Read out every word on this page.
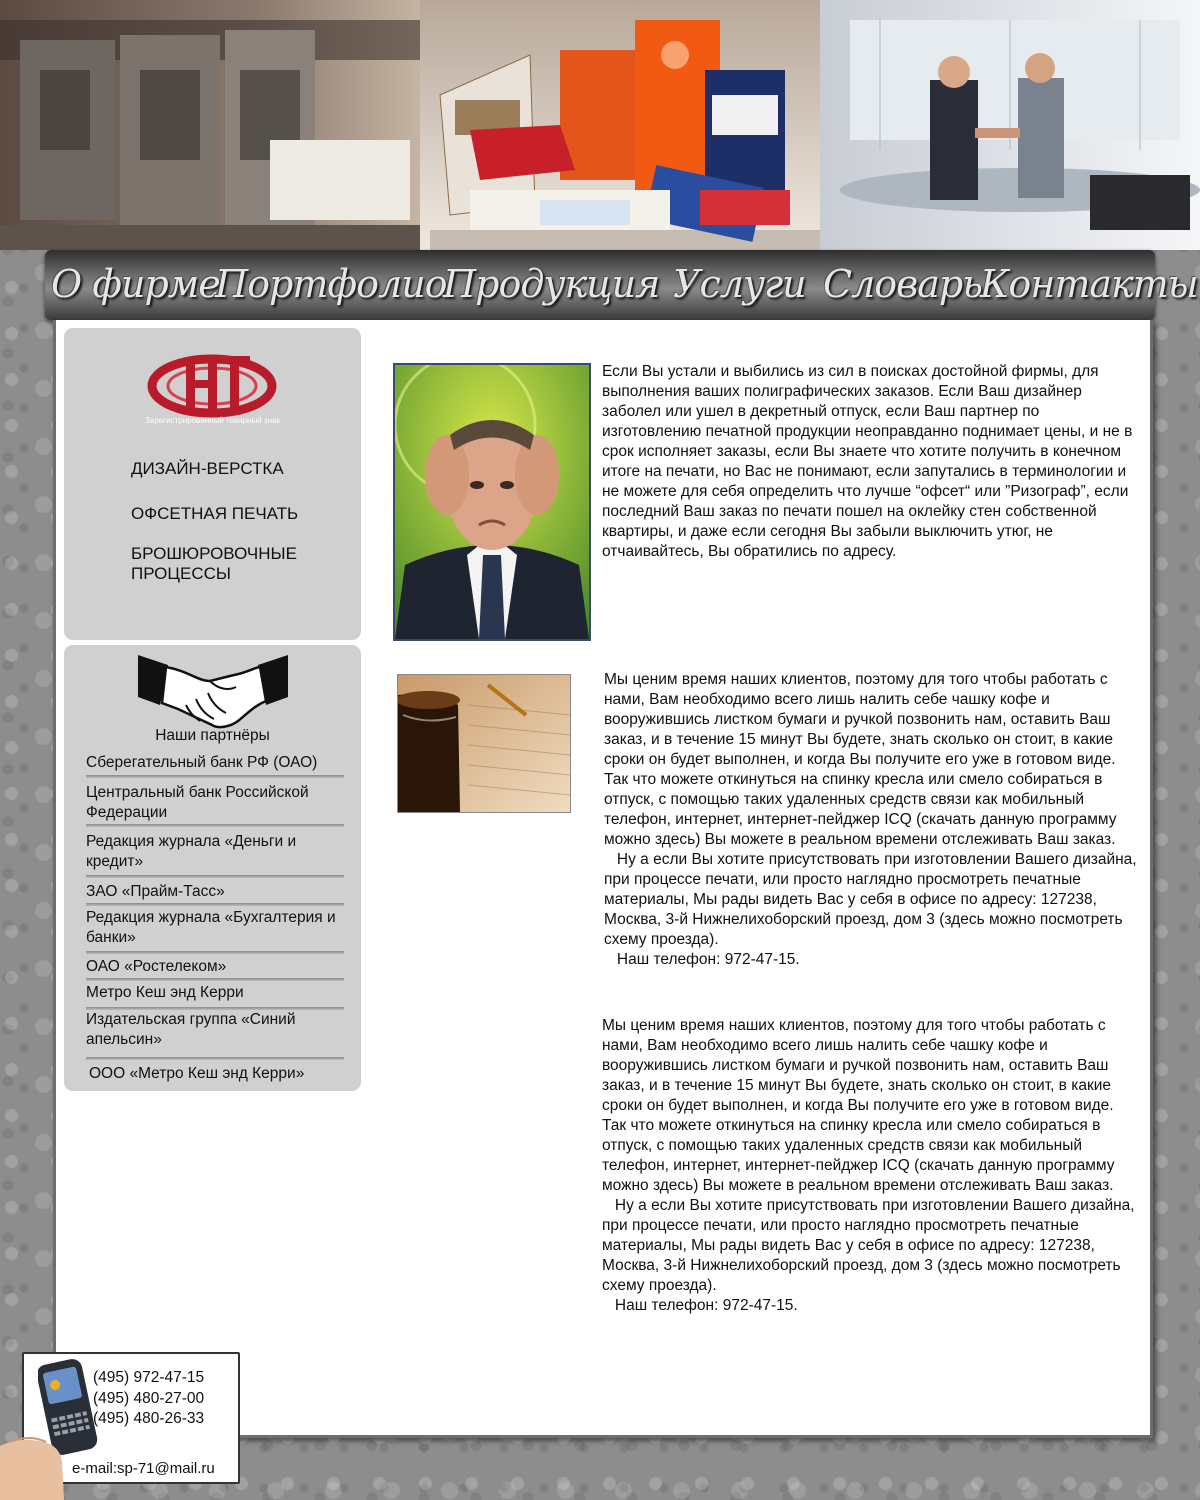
О фирме
Портфолио
Продукция Услуги Словарь
Контакты
Зарегистрированный товарный знак
ДИЗАЙН-ВЕРСТКА
ОФСЕТНАЯ ПЕЧАТЬ
БРОШЮРОВОЧНЫЕ
ПРОЦЕССЫ
Наши партнёры
Сберегательный банк РФ (ОАО)
Центральный банк Российской Федерации
Редакция журнала «Деньги и кредит»
ЗАО «Прайм-Тасс»
Редакция журнала «Бухгалтерия и банки»
ОАО «Ростелеком»
Метро Кеш энд Керри
Издательская группа «Синий апельсин»
ООО «Метро Кеш энд Керри»

Если Вы устали и выбились из сил в поисках достойной фирмы, для выполнения ваших полиграфических заказов. Если Ваш дизайнер заболел или ушел в декретный отпуск, если Ваш партнер по изготовлению печатной продукции неоправданно поднимает цены, и не в срок исполняет заказы, если Вы знаете что хотите получить в конечном итоге на печати, но Вас не понимают, если запутались в терминологии и не можете для себя определить что лучше “офсет“ или ”Ризограф”, если последний Ваш заказ по печати пошел на оклейку стен собственной квартиры, и даже если сегодня Вы забыли выключить утюг, не отчаивайтесь, Вы обратились по адресу.

Мы ценим время наших клиентов, поэтому для того чтобы работать с нами, Вам необходимо всего лишь налить себе чашку кофе и вооружившись листком бумаги и ручкой позвонить нам, оставить Ваш заказ, и в течение 15 минут Вы будете, знать сколько он стоит, в какие сроки он будет выполнен, и когда Вы получите его уже в готовом виде. Так что можете откинуться на спинку кресла или смело собираться в отпуск, с помощью таких удаленных средств связи как мобильный телефон, интернет, интернет-пейджер ICQ (скачать данную программу можно здесь) Вы можете в реальном времени отслеживать Ваш заказ.
Ну а если Вы хотите присутствовать при изготовлении Вашего дизайна, при процессе печати, или просто наглядно просмотреть печатные материалы, Мы рады видеть Вас у себя в офисе по адресу: 127238, Москва, 3-й Нижнелихоборский проезд, дом 3 (здесь можно посмотреть схему проезда).
Наш телефон: 972-47-15.

Мы ценим время наших клиентов, поэтому для того чтобы работать с нами, Вам необходимо всего лишь налить себе чашку кофе и вооружившись листком бумаги и ручкой позвонить нам, оставить Ваш заказ, и в течение 15 минут Вы будете, знать сколько он стоит, в какие сроки он будет выполнен, и когда Вы получите его уже в готовом виде. Так что можете откинуться на спинку кресла или смело собираться в отпуск, с помощью таких удаленных средств связи как мобильный телефон, интернет, интернет-пейджер ICQ (скачать данную программу можно здесь) Вы можете в реальном времени отслеживать Ваш заказ.
Ну а если Вы хотите присутствовать при изготовлении Вашего дизайна, при процессе печати, или просто наглядно просмотреть печатные материалы, Мы рады видеть Вас у себя в офисе по адресу: 127238, Москва, 3-й Нижнелихоборский проезд, дом 3 (здесь можно посмотреть схему проезда).
Наш телефон: 972-47-15.

(495) 972-47-15
(495) 480-27-00
(495) 480-26-33
e-mail:sp-71@mail.ru
